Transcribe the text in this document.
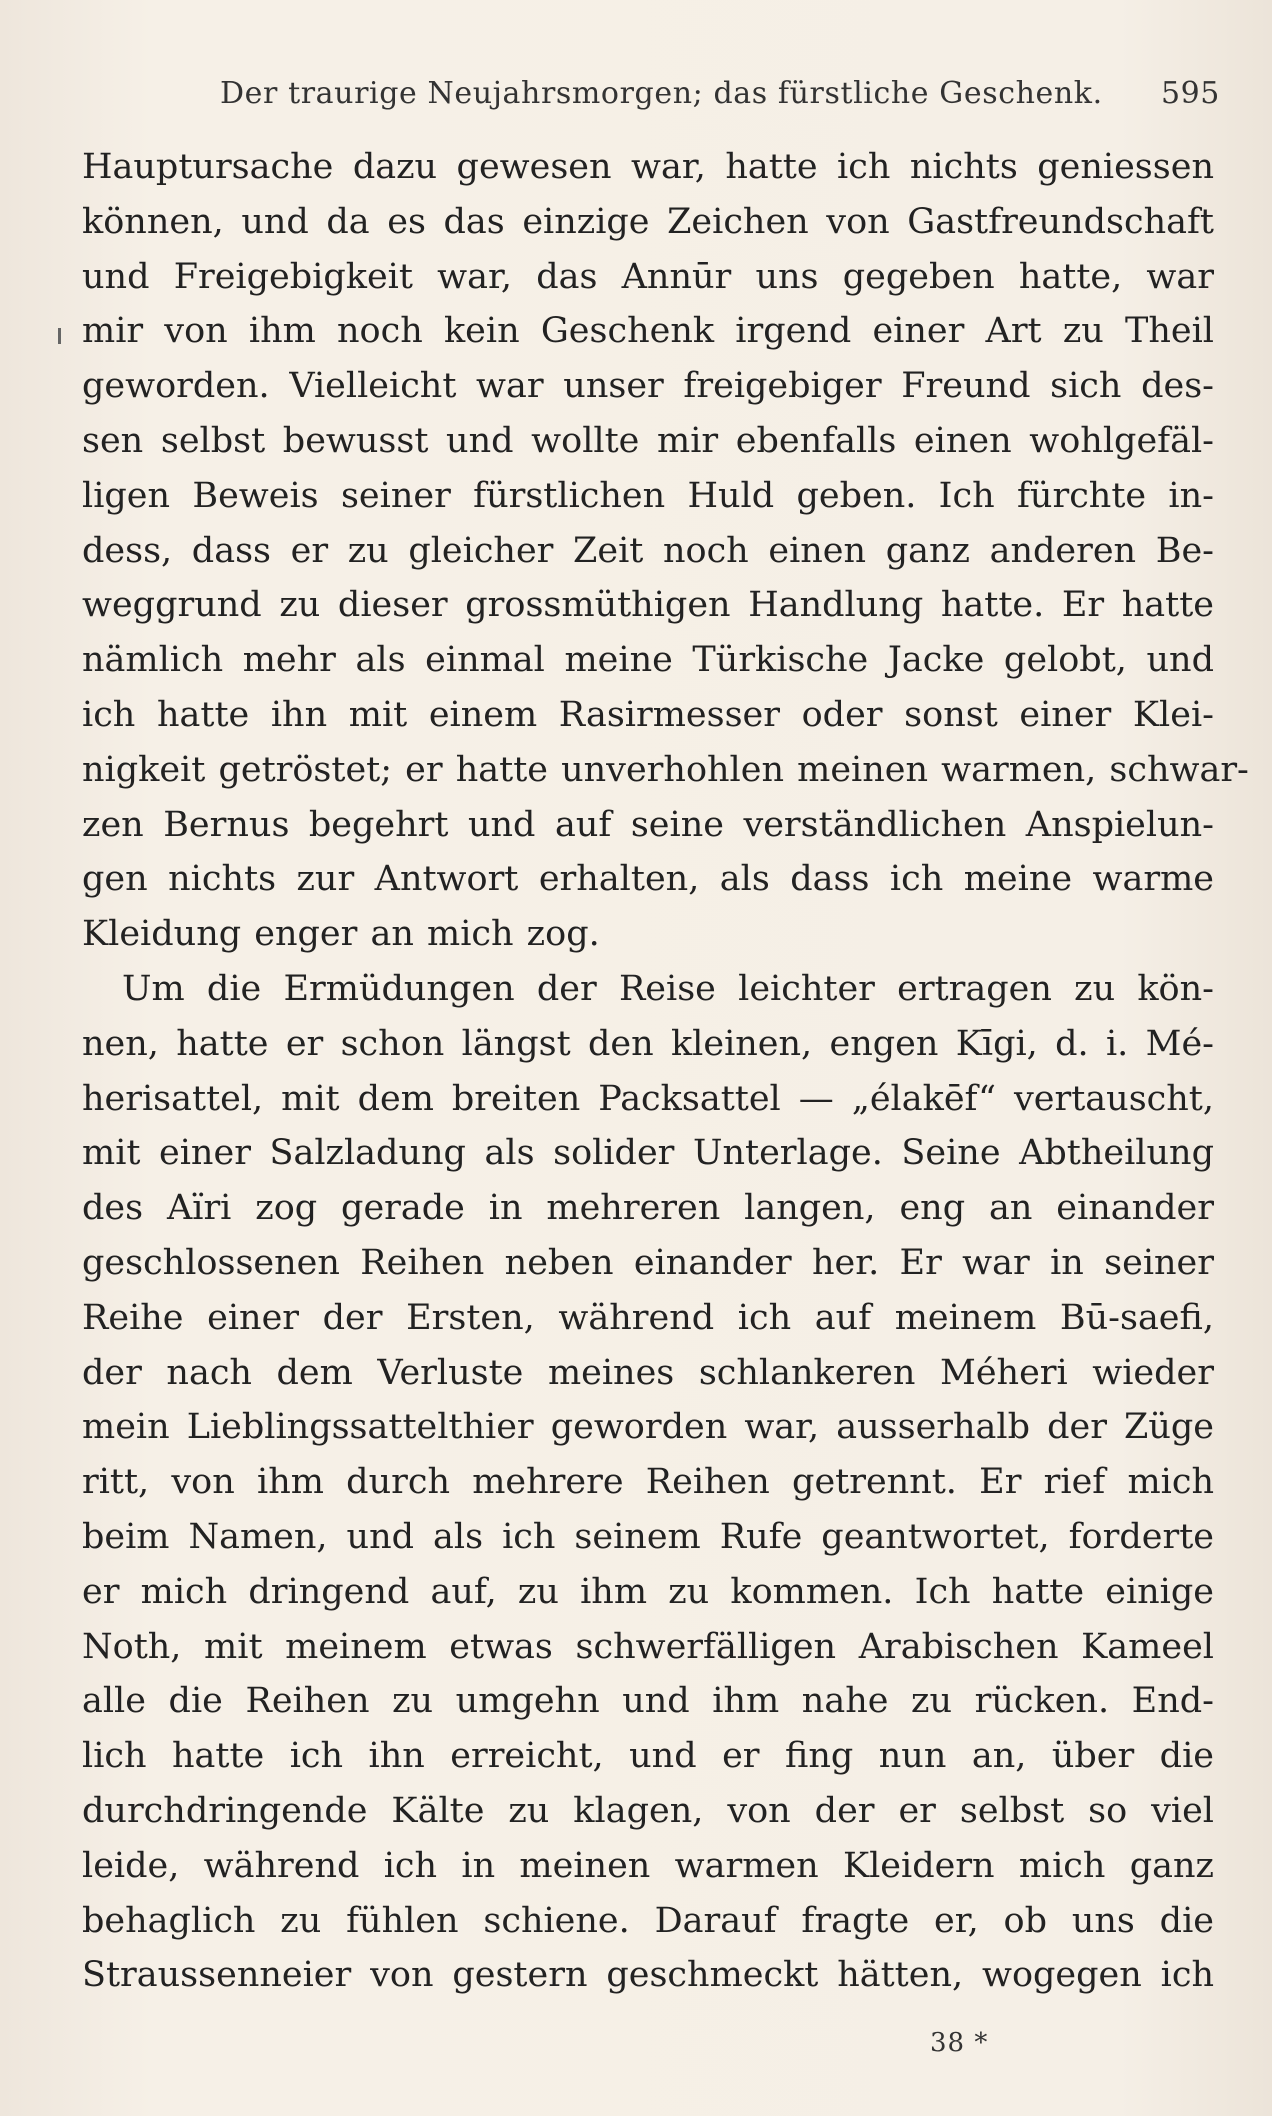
Der traurige Neujahrsmorgen; das fürstliche Geschenk. 595
Hauptursache dazu gewesen war, hatte ich nichts geniessen
können, und da es das einzige Zeichen von Gastfreundschaft
und Freigebigkeit war, das Annūr uns gegeben hatte, war
mir von ihm noch kein Geschenk irgend einer Art zu Theil
geworden. Vielleicht war unser freigebiger Freund sich des-
sen selbst bewusst und wollte mir ebenfalls einen wohlgefäl-
ligen Beweis seiner fürstlichen Huld geben. Ich fürchte in-
dess, dass er zu gleicher Zeit noch einen ganz anderen Be-
weggrund zu dieser grossmüthigen Handlung hatte. Er hatte
nämlich mehr als einmal meine Türkische Jacke gelobt, und
ich hatte ihn mit einem Rasirmesser oder sonst einer Klei-
nigkeit getröstet; er hatte unverhohlen meinen warmen, schwar-
zen Bernus begehrt und auf seine verständlichen Anspielun-
gen nichts zur Antwort erhalten, als dass ich meine warme
Kleidung enger an mich zog.
Um die Ermüdungen der Reise leichter ertragen zu kön-
nen, hatte er schon längst den kleinen, engen Kīgi, d. i. Mé-
herisattel, mit dem breiten Packsattel — „élakēf“ vertauscht,
mit einer Salzladung als solider Unterlage. Seine Abtheilung
des Aïri zog gerade in mehreren langen, eng an einander
geschlossenen Reihen neben einander her. Er war in seiner
Reihe einer der Ersten, während ich auf meinem Bū-saefi,
der nach dem Verluste meines schlankeren Méheri wieder
mein Lieblingssattelthier geworden war, ausserhalb der Züge
ritt, von ihm durch mehrere Reihen getrennt. Er rief mich
beim Namen, und als ich seinem Rufe geantwortet, forderte
er mich dringend auf, zu ihm zu kommen. Ich hatte einige
Noth, mit meinem etwas schwerfälligen Arabischen Kameel
alle die Reihen zu umgehn und ihm nahe zu rücken. End-
lich hatte ich ihn erreicht, und er fing nun an, über die
durchdringende Kälte zu klagen, von der er selbst so viel
leide, während ich in meinen warmen Kleidern mich ganz
behaglich zu fühlen schiene. Darauf fragte er, ob uns die
Straussenneier von gestern geschmeckt hätten, wogegen ich
38 *
